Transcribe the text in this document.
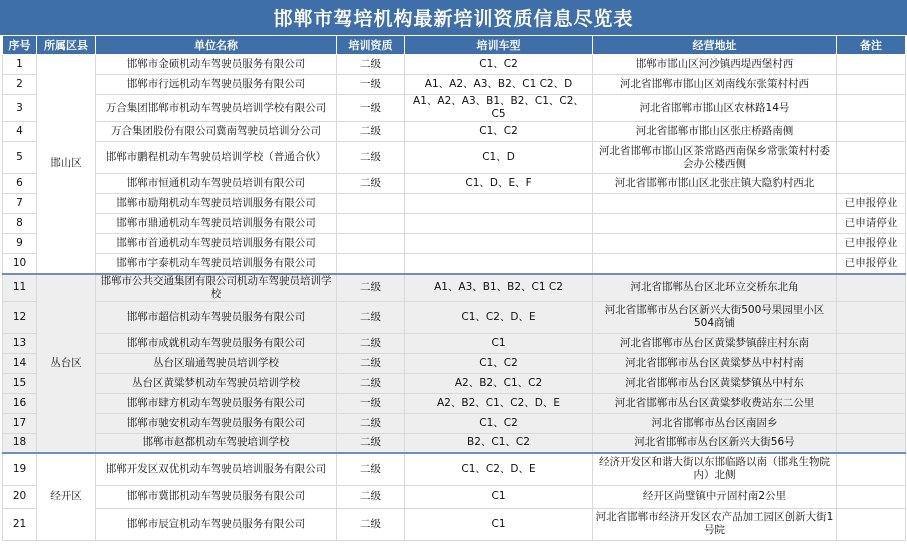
邯郸市驾培机构最新培训资质信息尽览表
序号	所属区县	单位名称	培训资质	培训车型	经营地址	备注
1	邯山区	邯郸市金硕机动车驾驶员服务有限公司	二级	C1、C2	邯郸市邯山区河沙镇西堤西堡村西	
2		邯郸市行远机动车驾驶员服务有限公司	一级	A1、A2、A3、B2、C1 C2、D	河北省邯郸市邯山区刘南线东张策村村西	
3		万合集团邯郸市机动车驾驶员培训学校有限公司	一级	A1、A2、A3、B1、B2、C1、C2、C5	河北省邯郸市邯山区农林路14号	
4		万合集团股份有限公司冀南驾驶员培训分公司	二级	C1、C2	河北省邯郸市邯山区张庄桥路南侧	
5		邯郸市鹏程机动车驾驶员培训学校（普通合伙）	二级	C1、D	河北省邯郸市邯山区茶常路西南保乡常张策村村委会办公楼西侧	
6		邯郸市恒通机动车驾驶员培训有限公司	二级	C1、D、E、F	河北省邯郸市邯山区北张庄镇大隐豹村西北	
7		邯郸市励翔机动车驾驶员培训服务有限公司				已申报停业
8		邯郸市鼎通机动车驾驶员培训服务有限公司				已申请停业
9		邯郸市首通机动车驾驶员培训服务有限公司				已申报停业
10		邯郸市宇泰机动车驾驶员培训服务有限公司				已申报停业
11	丛台区	邯郸市公共交通集团有限公司机动车驾驶员培训学校	二级	A1、A3、B1、B2、C1 C2	河北省邯郸丛台区北环立交桥东北角	
12		邯郸市超信机动车驾驶员服务有限公司	二级	C1、C2、D、E	河北省邯郸市丛台区新兴大街500号果园里小区504商铺	
13		邯郸市成就机动车驾驶员服务有限公司	二级	C1	河北省邯郸市丛台区黄粱梦镇薛庄村东南	
14		丛台区瑞通驾驶员培训学校	二级	C1、C2	河北省邯郸市丛台区黄粱梦丛中村村南	
15		丛台区黄粱梦机动车驾驶员培训学校	二级	A2、B2、C1、C2	河北省邯郸市丛台区黄粱梦镇丛中村东	
16		邯郸市肆方机动车驾驶员服务有限公司	一级	A2、B2、C1、C2、D、E	河北省邯郸市丛台区黄粱梦收费站东二公里	
17		邯郸市驰安机动车驾驶员服务有限公司	二级	C1、C2	河北省邯郸市丛台区南固乡	
18		邯郸市赵都机动车驾驶培训学校	二级	B2、C1、C2	河北省邯郸市丛台区新兴大街56号	
19	经开区	邯郸开发区双优机动车驾驶员培训服务有限公司	二级	C1、C2、D、E	经济开发区和谐大街以东邯临路以南（邯兆生物院内）北侧	
20		邯郸市冀邯机动车驾驶员服务有限公司	二级	C1	经开区尚璧镇中亓固村南2公里	
21		邯郸市辰宣机动车驾驶员服务有限公司	二级	C1	河北省邯郸市经济开发区农产品加工园区创新大街1号院	
